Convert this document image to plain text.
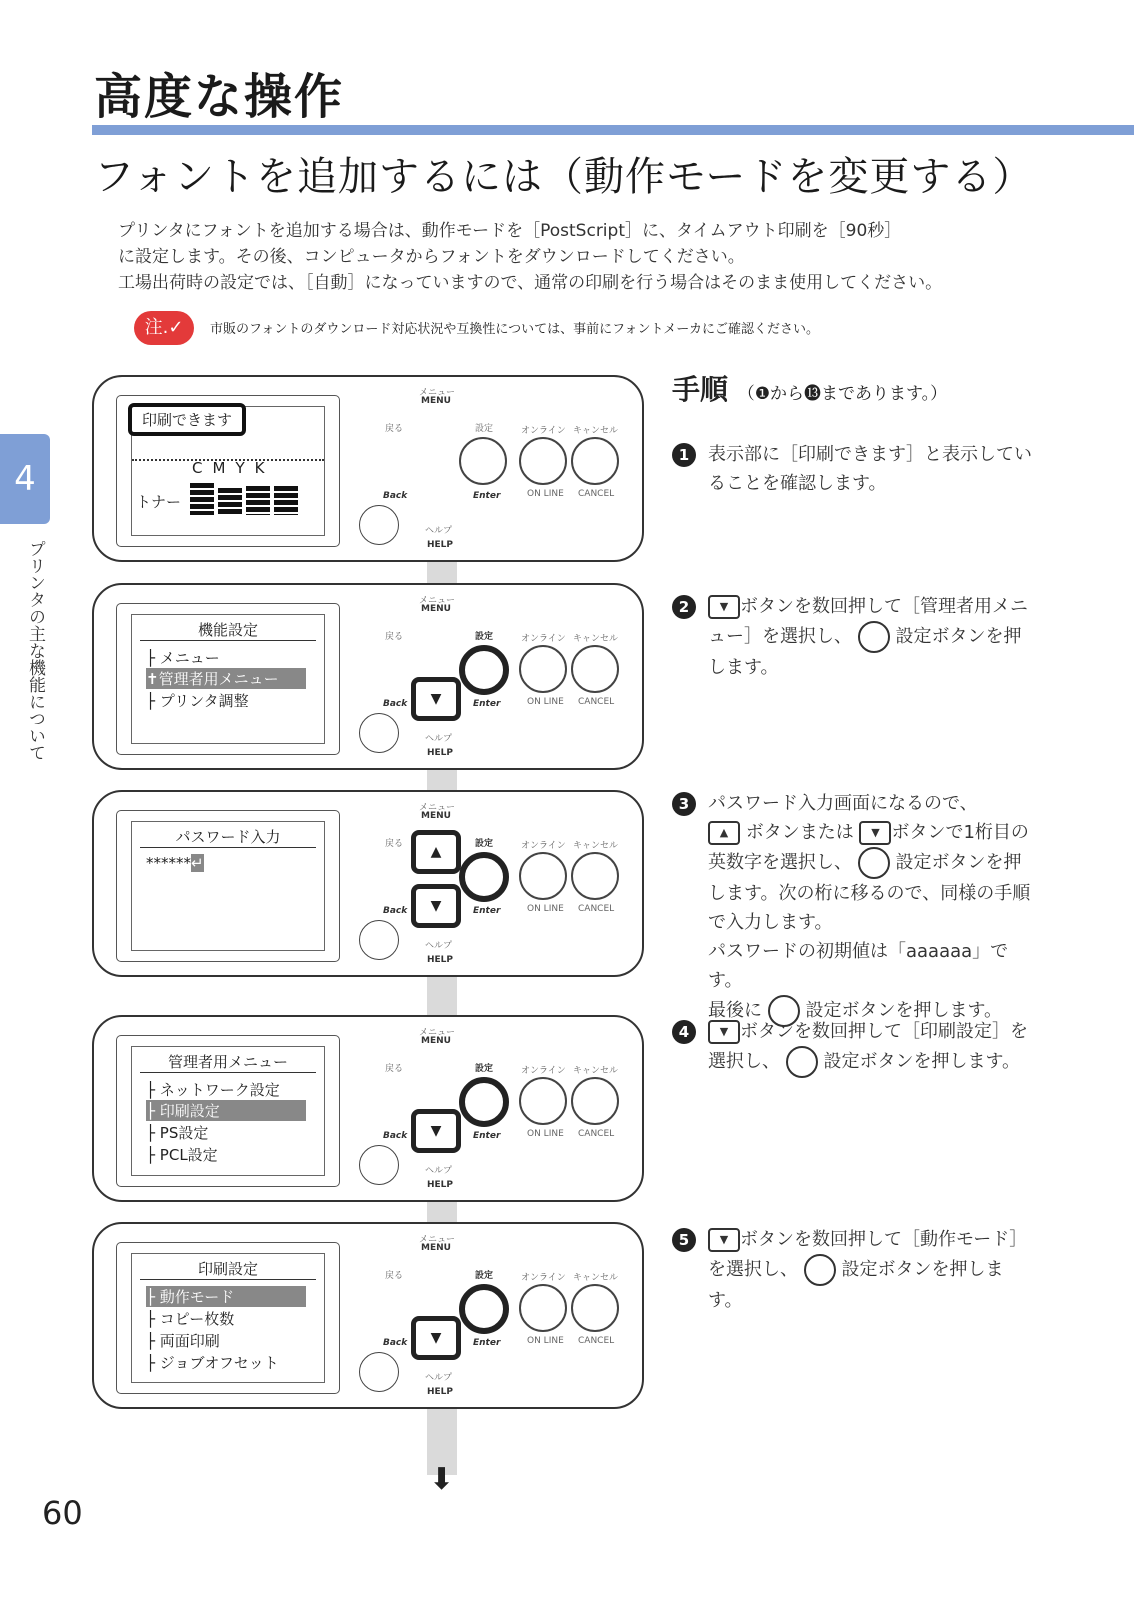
高度な操作
フォントを追加するには（動作モードを変更する）

プリンタにフォントを追加する場合は、動作モードを［PostScript］に、タイムアウト印刷を［90秒］

に設定します。その後、コンピュータからフォントをダウンロードしてください。

工場出荷時の設定では、［自動］になっていますので、通常の印刷を行う場合はそのまま使用してください。

注.✓	市販のフォントのダウンロード対応状況や互換性については、事前にフォントメーカにご確認ください。
4
プリンタの主な機能について
60
⬇
印刷できます
CMYK
トナー
メニュー
MENU
戻る	設定	オンライン キャンセル
Back	Enter	ON LINE CANCEL
ヘルプ
HELP
機能設定
├ メニュー
✝管理者用メニュー
├ プリンタ調整
メニュー
MENU
戻る	設定	オンライン キャンセル
▼
Back	Enter	ON LINE CANCEL
ヘルプ
HELP
パスワード入力
******↵
メニュー
MENU
戻る	設定	オンライン キャンセル
▲
▼
Back	Enter	ON LINE CANCEL
ヘルプ
HELP
管理者用メニュー
├ ネットワーク設定
├ 印刷設定
├ PS設定
├ PCL設定
メニュー
MENU
戻る	設定	オンライン キャンセル
▼
Back	Enter	ON LINE CANCEL
ヘルプ
HELP
印刷設定
├ 動作モード
├ コピー枚数
├ 両面印刷
├ ジョブオフセット
メニュー
MENU
戻る	設定	オンライン キャンセル
▼
Back	Enter	ON LINE CANCEL
ヘルプ
HELP
手順 （❶から⓭まであります。）
1	表示部に［印刷できます］と表示していることを確認します。
2	▼ ボタンを数回押して［管理者用メニュー］を選択し、 設定ボタンを押します。
3	パスワード入力画面になるので、
▲ ボタンまたは ▼ ボタンで1桁目の英数字を選択し、 設定ボタンを押します。次の桁に移るので、同様の手順で入力します。
パスワードの初期値は「aaaaaa」です。
最後に 設定ボタンを押します。
4	▼ ボタンを数回押して［印刷設定］を選択し、 設定ボタンを押します。
5	▼ ボタンを数回押して［動作モード］を選択し、 設定ボタンを押します。
